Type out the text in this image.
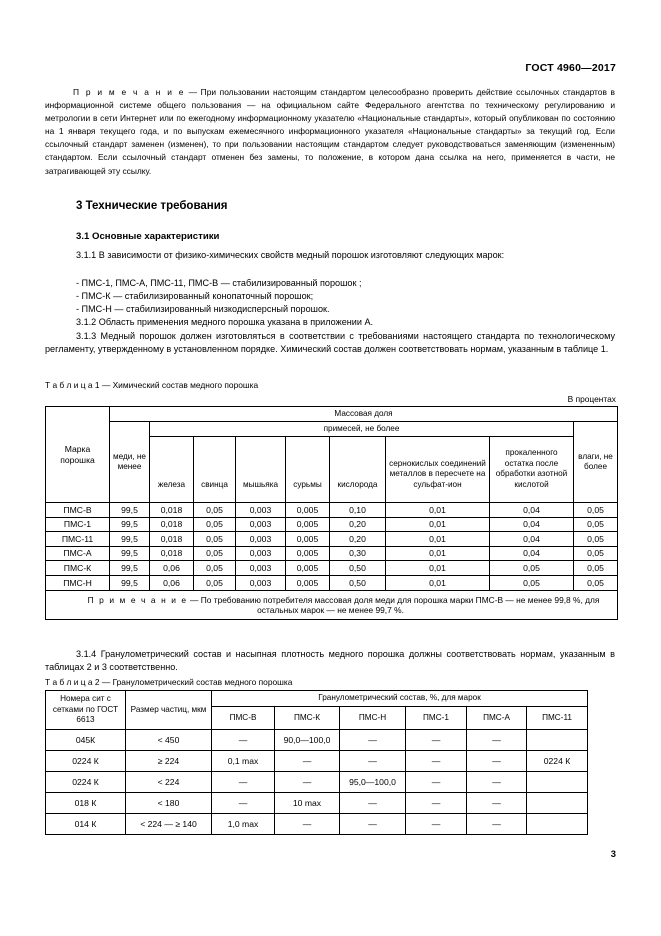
ГОСТ 4960—2017
П р и м е ч а н и е — При пользовании настоящим стандартом целесообразно проверить действие ссылочных стандартов в информационной системе общего пользования — на официальном сайте Федерального агентства по техническому регулированию и метрологии в сети Интернет или по ежегодному информационному указателю «Национальные стандарты», который опубликован по состоянию на 1 января текущего года, и по выпускам ежемесячного информационного указателя «Национальные стандарты» за текущий год. Если ссылочный стандарт заменен (изменен), то при пользовании настоящим стандартом следует руководствоваться заменяющим (измененным) стандартом. Если ссылочный стандарт отменен без замены, то положение, в котором дана ссылка на него, применяется в части, не затрагивающей эту ссылку.
3 Технические требования
3.1 Основные характеристики
3.1.1 В зависимости от физико-химических свойств медный порошок изготовляют следующих марок:
- ПМС-1, ПМС-А, ПМС-11, ПМС-В — стабилизированный порошок ;
- ПМС-К — стабилизированный конопаточный порошок;
- ПМС-Н — стабилизированный низкодисперсный порошок.
3.1.2 Область применения медного порошка указана в приложении А.
3.1.3 Медный порошок должен изготовляться в соответствии с требованиями настоящего стандарта по технологическому регламенту, утвержденному в установленном порядке. Химический состав должен соответствовать нормам, указанным в таблице 1.
Т а б л и ц а 1 — Химический состав медного порошка
В процентах
Марка порошка	Массовая доля								
	меди, не менее	примесей, не более							влаги, не более
		железа	свинца	мышьяка	сурьмы	кислорода	сернокислых соединений металлов в пересчете на сульфат-ион	прокаленного остатка после обработки азотной кислотой	
ПМС-В	99,5	0,018	0,05	0,003	0,005	0,10	0,01	0,04	0,05
ПМС-1	99,5	0,018	0,05	0,003	0,005	0,20	0,01	0,04	0,05
ПМС-11	99,5	0,018	0,05	0,003	0,005	0,20	0,01	0,04	0,05
ПМС-А	99,5	0,018	0,05	0,003	0,005	0,30	0,01	0,04	0,05
ПМС-К	99,5	0,06	0,05	0,003	0,005	0,50	0,01	0,05	0,05
ПМС-Н	99,5	0,06	0,05	0,003	0,005	0,50	0,01	0,05	0,05
П р и м е ч а н и е — По требованию потребителя массовая доля меди для порошка марки ПМС-В — не менее 99,8 %, для остальных марок — не менее 99,7 %.									
3.1.4 Гранулометрический состав и насыпная плотность медного порошка должны соответствовать нормам, указанным в таблицах 2 и 3 соответственно.
Т а б л и ц а 2 — Гранулометрический состав медного порошка
Номера сит с сетками по ГОСТ 6613	Размер частиц, мкм	Гранулометрический состав, %, для марок					
		ПМС-В	ПМС-К	ПМС-Н	ПМС-1	ПМС-А	ПМС-11
045К	< 450	—	90,0—100,0	—	—	—	
0224 К	≥ 224	0,1 max	—	—	—	—	0224 К
0224 К	< 224	—	—	95,0—100,0	—	—	
018 К	< 180	—	10 max	—	—	—	
014 К	< 224 — ≥ 140	1,0 max	—	—	—	—	
3
